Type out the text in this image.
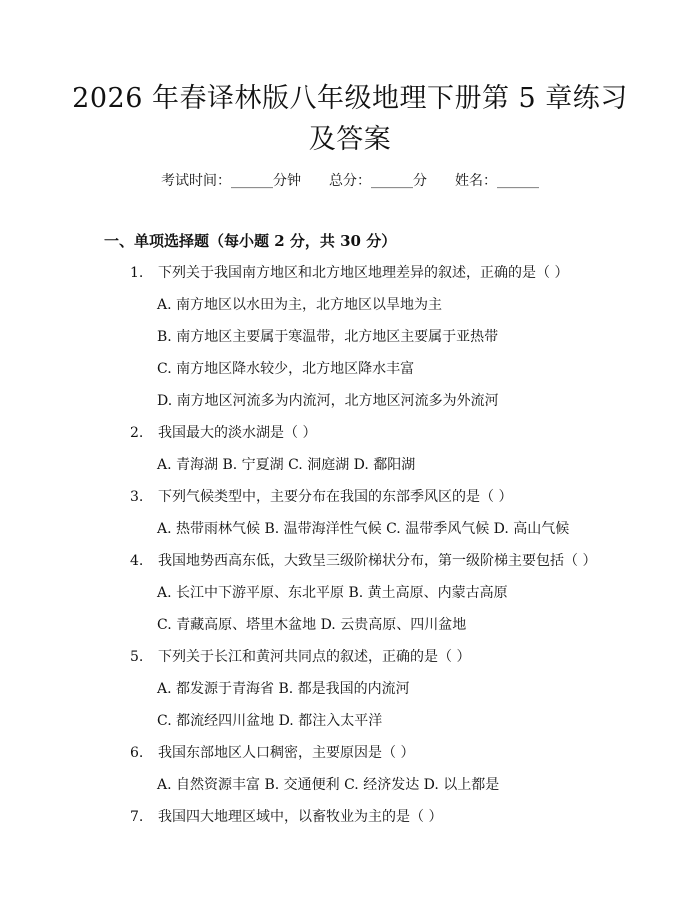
2026 年春译林版八年级地理下册第 5 章练习及答案
考试时间：______分钟 总分：______分 姓名：______
一、单项选择题（每小题 2 分，共 30 分）
1. 下列关于我国南方地区和北方地区地理差异的叙述，正确的是（ ）
A. 南方地区以水田为主，北方地区以旱地为主
B. 南方地区主要属于寒温带，北方地区主要属于亚热带
C. 南方地区降水较少，北方地区降水丰富
D. 南方地区河流多为内流河，北方地区河流多为外流河
2. 我国最大的淡水湖是（ ）
A. 青海湖 B. 宁夏湖 C. 洞庭湖 D. 鄱阳湖
3. 下列气候类型中，主要分布在我国的东部季风区的是（ ）
A. 热带雨林气候 B. 温带海洋性气候 C. 温带季风气候 D. 高山气候
4. 我国地势西高东低，大致呈三级阶梯状分布，第一级阶梯主要包括（ ）
A. 长江中下游平原、东北平原 B. 黄土高原、内蒙古高原
C. 青藏高原、塔里木盆地 D. 云贵高原、四川盆地
5. 下列关于长江和黄河共同点的叙述，正确的是（ ）
A. 都发源于青海省 B. 都是我国的内流河
C. 都流经四川盆地 D. 都注入太平洋
6. 我国东部地区人口稠密，主要原因是（ ）
A. 自然资源丰富 B. 交通便利 C. 经济发达 D. 以上都是
7. 我国四大地理区域中，以畜牧业为主的是（ ）
